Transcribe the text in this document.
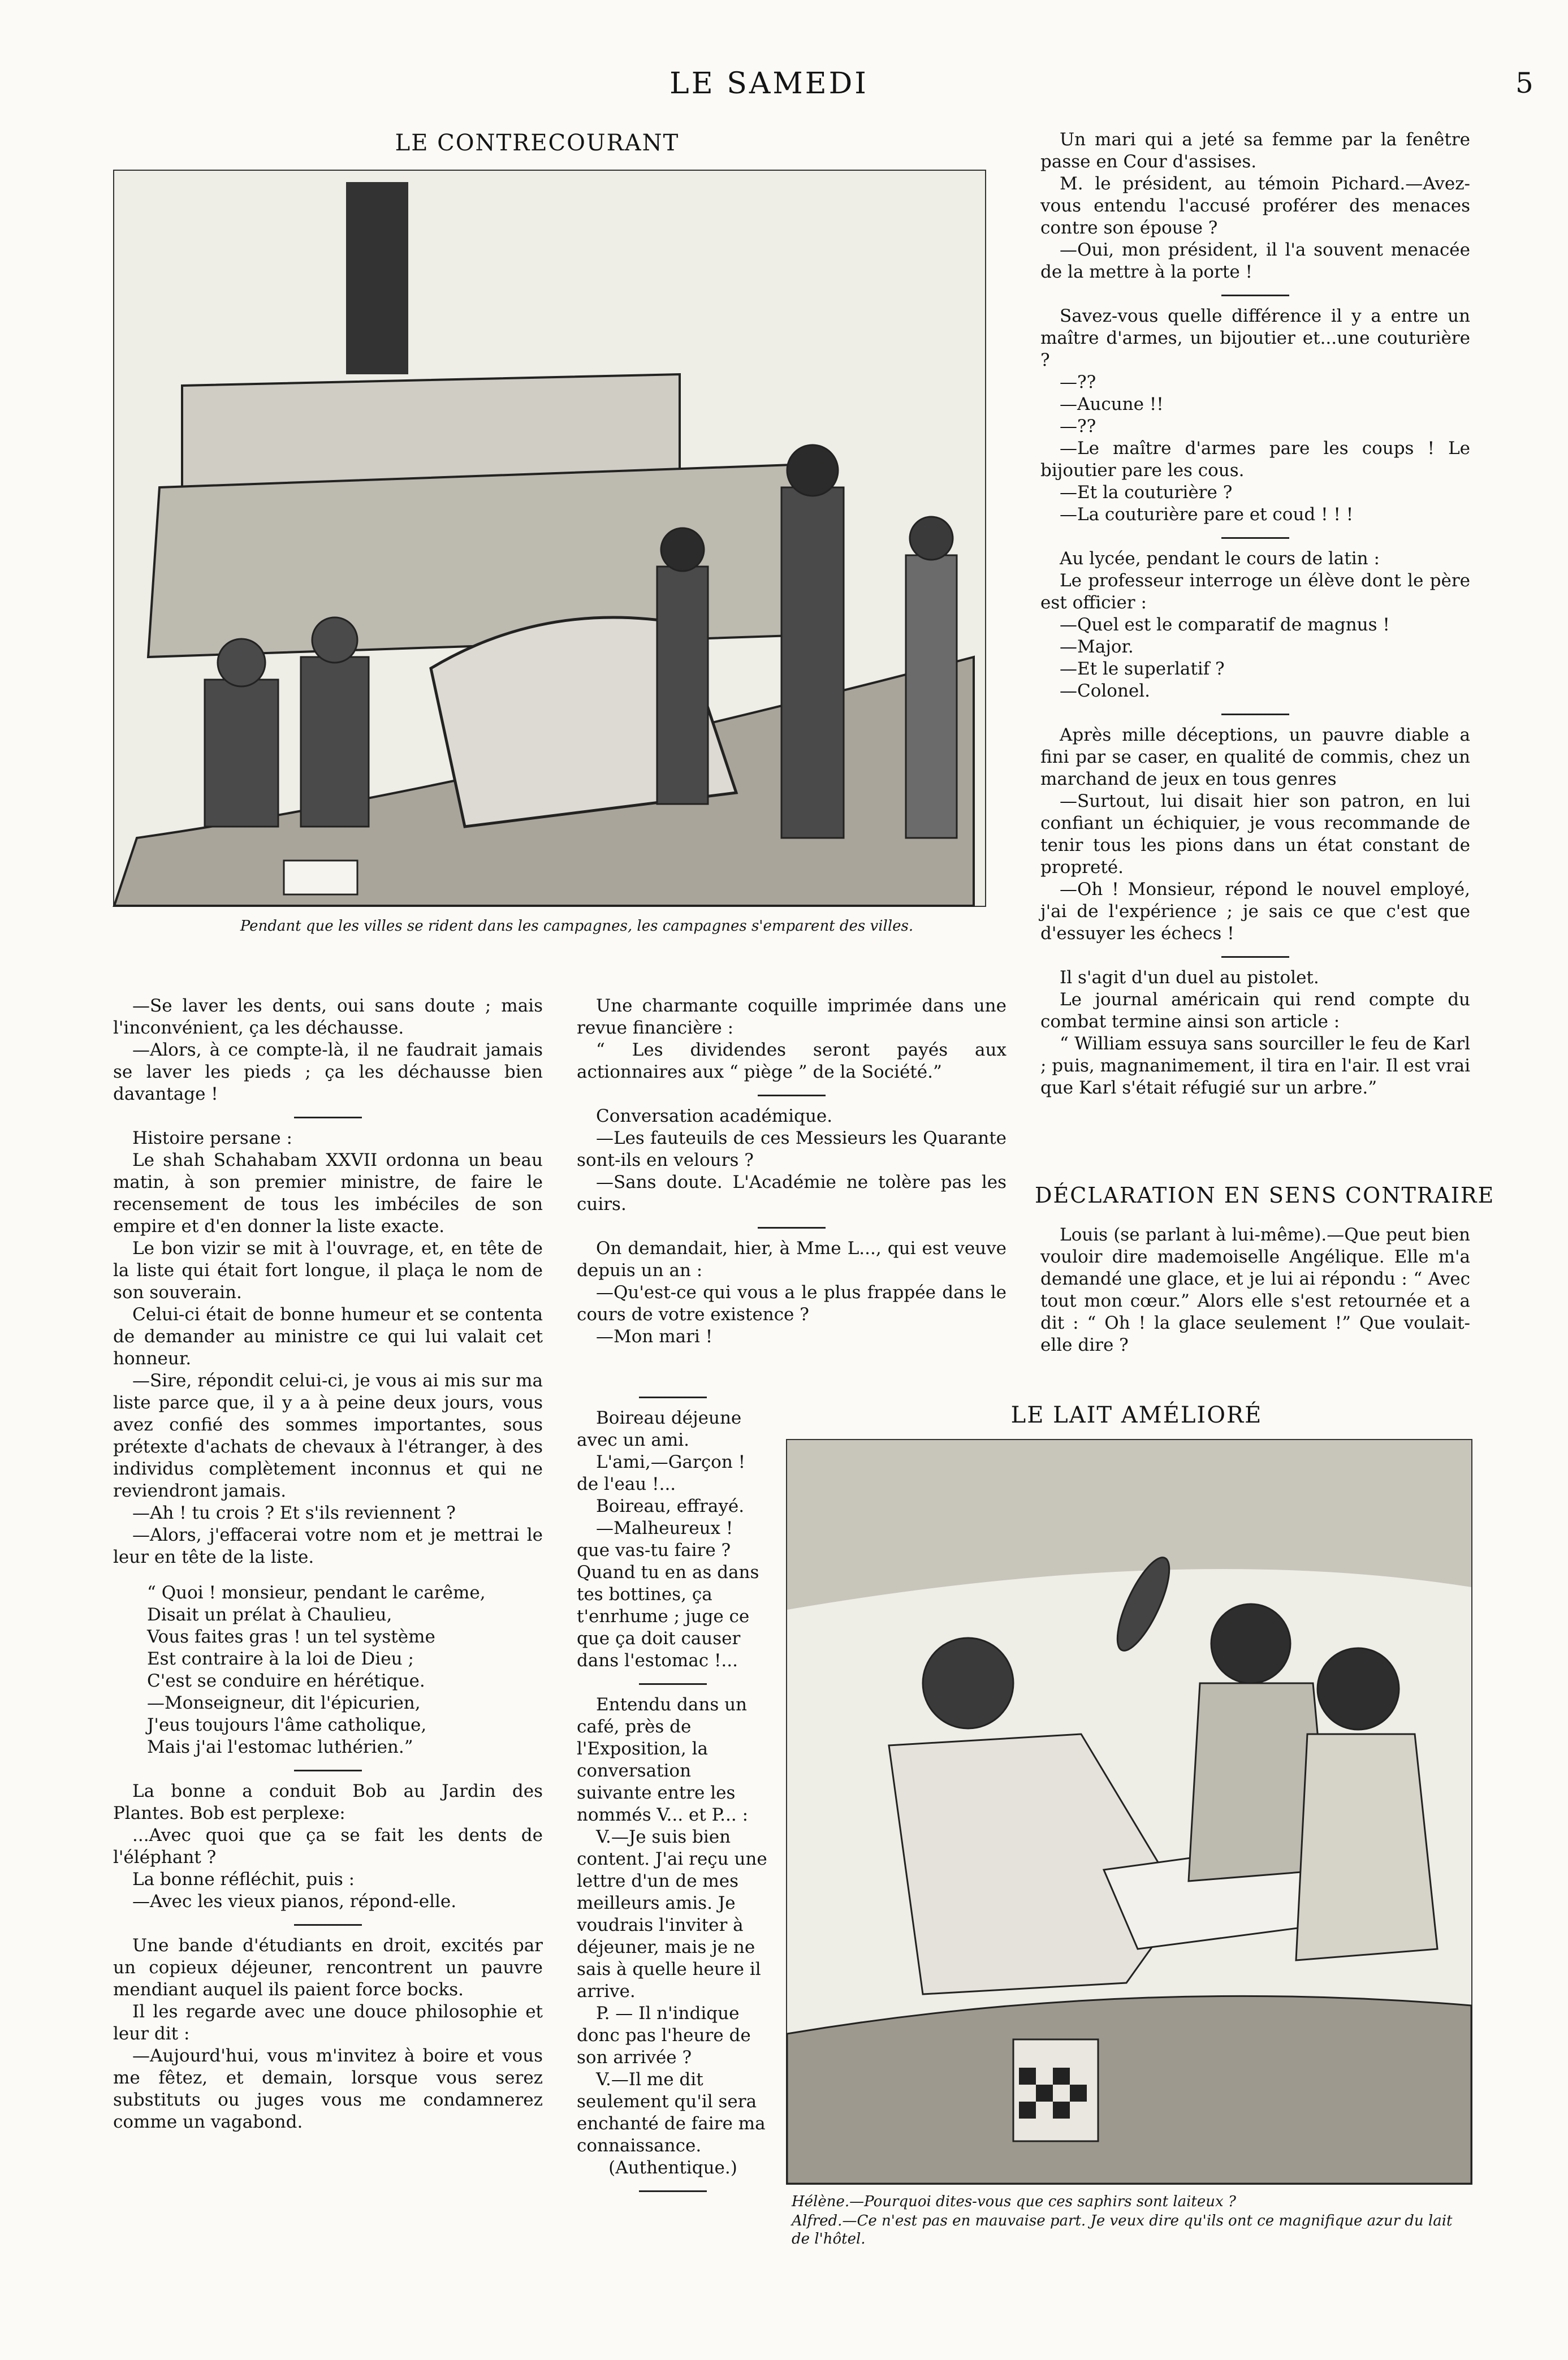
LE SAMEDI	5
LE CONTRECOURANT
Pendant que les villes se rident dans les campagnes, les campagnes s'emparent des villes.

Un mari qui a jeté sa femme par la fenêtre passe en Cour d'assises.

M. le président, au témoin Pichard.—Avez-vous entendu l'accusé proférer des menaces contre son épouse ?

—Oui, mon président, il l'a souvent menacée de la mettre à la porte !

Savez-vous quelle différence il y a entre un maître d'armes, un bijoutier et...une couturière ?

—??

—Aucune !!

—??

—Le maître d'armes pare les coups ! Le bijoutier pare les cous.

—Et la couturière ?

—La couturière pare et coud ! ! !

Au lycée, pendant le cours de latin :

Le professeur interroge un élève dont le père est officier :

—Quel est le comparatif de magnus !

—Major.

—Et le superlatif ?

—Colonel.

Après mille déceptions, un pauvre diable a fini par se caser, en qualité de commis, chez un marchand de jeux en tous genres

—Surtout, lui disait hier son patron, en lui confiant un échiquier, je vous recommande de tenir tous les pions dans un état constant de propreté.

—Oh ! Monsieur, répond le nouvel employé, j'ai de l'expérience ; je sais ce que c'est que d'essuyer les échecs !

Il s'agit d'un duel au pistolet.

Le journal américain qui rend compte du combat termine ainsi son article :

“ William essuya sans sourciller le feu de Karl ; puis, magnanimement, il tira en l'air. Il est vrai que Karl s'était réfugié sur un arbre.”

DÉCLARATION EN SENS CONTRAIRE

Louis (se parlant à lui-même).—Que peut bien vouloir dire mademoiselle Angélique. Elle m'a demandé une glace, et je lui ai répondu : “ Avec tout mon cœur.” Alors elle s'est retournée et a dit : “ Oh ! la glace seulement !” Que voulait-elle dire ?

—Se laver les dents, oui sans doute ; mais l'inconvénient, ça les déchausse.

—Alors, à ce compte-là, il ne faudrait jamais se laver les pieds ; ça les déchausse bien davantage !

Histoire persane :

Le shah Schahabam XXVII ordonna un beau matin, à son premier ministre, de faire le recensement de tous les imbéciles de son empire et d'en donner la liste exacte.

Le bon vizir se mit à l'ouvrage, et, en tête de la liste qui était fort longue, il plaça le nom de son souverain.

Celui-ci était de bonne humeur et se contenta de demander au ministre ce qui lui valait cet honneur.

—Sire, répondit celui-ci, je vous ai mis sur ma liste parce que, il y a à peine deux jours, vous avez confié des sommes importantes, sous prétexte d'achats de chevaux à l'étranger, à des individus complètement inconnus et qui ne reviendront jamais.

—Ah ! tu crois ? Et s'ils reviennent ?

—Alors, j'effacerai votre nom et je mettrai le leur en tête de la liste.

“ Quoi ! monsieur, pendant le carême,

Disait un prélat à Chaulieu,

Vous faites gras ! un tel système

Est contraire à la loi de Dieu ;

C'est se conduire en hérétique.

—Monseigneur, dit l'épicurien,

J'eus toujours l'âme catholique,

Mais j'ai l'estomac luthérien.”

La bonne a conduit Bob au Jardin des Plantes. Bob est perplexe:

...Avec quoi que ça se fait les dents de l'éléphant ?

La bonne réfléchit, puis :

—Avec les vieux pianos, répond-elle.

Une bande d'étudiants en droit, excités par un copieux déjeuner, rencontrent un pauvre mendiant auquel ils paient force bocks.

Il les regarde avec une douce philosophie et leur dit :

—Aujourd'hui, vous m'invitez à boire et vous me fêtez, et demain, lorsque vous serez substituts ou juges vous me condamnerez comme un vagabond.

Une charmante coquille imprimée dans une revue financière :

“ Les dividendes seront payés aux actionnaires aux “ piège ” de la Société.”

Conversation académique.

—Les fauteuils de ces Messieurs les Quarante sont-ils en velours ?

—Sans doute. L'Académie ne tolère pas les cuirs.

On demandait, hier, à Mme L..., qui est veuve depuis un an :

—Qu'est-ce qui vous a le plus frappée dans le cours de votre existence ?

—Mon mari !

Boireau déjeune avec un ami.

L'ami,—Garçon ! de l'eau !...

Boireau, effrayé.

—Malheureux ! que vas-tu faire ? Quand tu en as dans tes bottines, ça t'enrhume ; juge ce que ça doit causer dans l'estomac !...

Entendu dans un café, près de l'Exposition, la conversation suivante entre les nommés V... et P... :

V.—Je suis bien content. J'ai reçu une lettre d'un de mes meilleurs amis. Je voudrais l'inviter à déjeuner, mais je ne sais à quelle heure il arrive.

P. — Il n'indique donc pas l'heure de son arrivée ?

V.—Il me dit seulement qu'il sera enchanté de faire ma connaissance.

(Authentique.)

LE LAIT AMÉLIORÉ
Hélène.—Pourquoi dites-vous que ces saphirs sont laiteux ?
Alfred.—Ce n'est pas en mauvaise part. Je veux dire qu'ils ont ce magnifique azur du lait de l'hôtel.
